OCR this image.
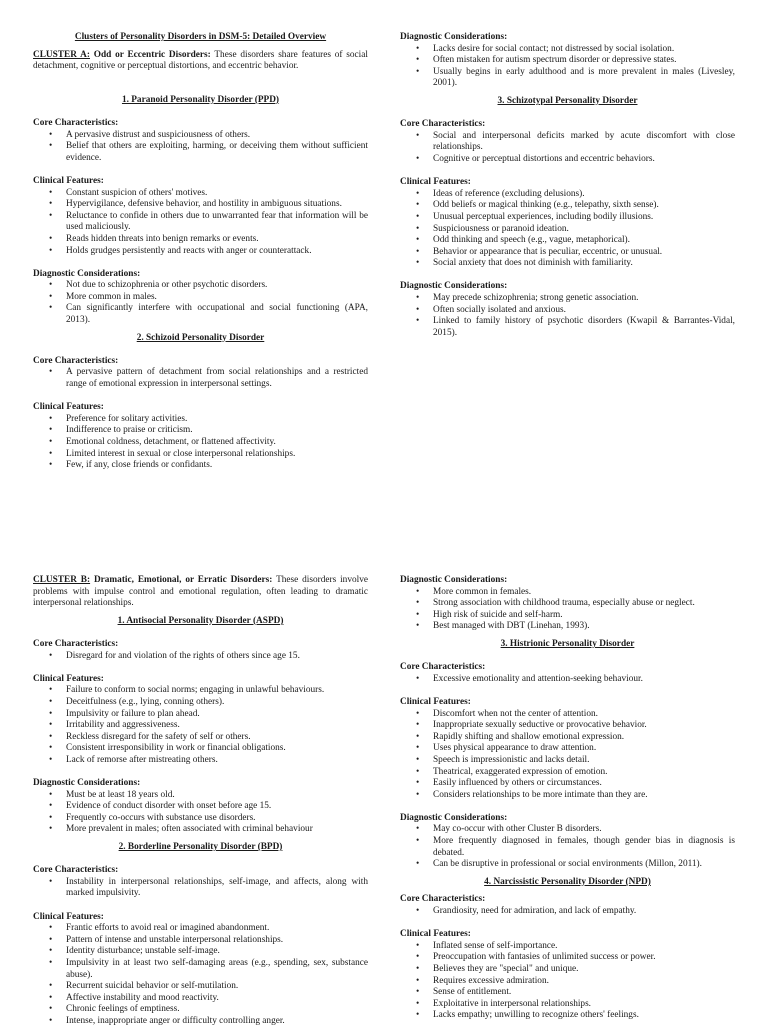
Clusters of Personality Disorders in DSM-5: Detailed Overview
CLUSTER A: Odd or Eccentric Disorders: These disorders share features of social detachment, cognitive or perceptual distortions, and eccentric behavior.
1. Paranoid Personality Disorder (PPD)
Core Characteristics:
• A pervasive distrust and suspiciousness of others.
• Belief that others are exploiting, harming, or deceiving them without sufficient evidence.
Clinical Features:
• Constant suspicion of others' motives.
• Hypervigilance, defensive behavior, and hostility in ambiguous situations.
• Reluctance to confide in others due to unwarranted fear that information will be used maliciously.
• Reads hidden threats into benign remarks or events.
• Holds grudges persistently and reacts with anger or counterattack.
Diagnostic Considerations:
• Not due to schizophrenia or other psychotic disorders.
• More common in males.
• Can significantly interfere with occupational and social functioning (APA, 2013).
2. Schizoid Personality Disorder
Core Characteristics:
• A pervasive pattern of detachment from social relationships and a restricted range of emotional expression in interpersonal settings.
Clinical Features:
• Preference for solitary activities.
• Indifference to praise or criticism.
• Emotional coldness, detachment, or flattened affectivity.
• Limited interest in sexual or close interpersonal relationships.
• Few, if any, close friends or confidants.
Diagnostic Considerations:
• Lacks desire for social contact; not distressed by social isolation.
• Often mistaken for autism spectrum disorder or depressive states.
• Usually begins in early adulthood and is more prevalent in males (Livesley, 2001).
3. Schizotypal Personality Disorder
Core Characteristics:
• Social and interpersonal deficits marked by acute discomfort with close relationships.
• Cognitive or perceptual distortions and eccentric behaviors.
Clinical Features:
• Ideas of reference (excluding delusions).
• Odd beliefs or magical thinking (e.g., telepathy, sixth sense).
• Unusual perceptual experiences, including bodily illusions.
• Suspiciousness or paranoid ideation.
• Odd thinking and speech (e.g., vague, metaphorical).
• Behavior or appearance that is peculiar, eccentric, or unusual.
• Social anxiety that does not diminish with familiarity.
Diagnostic Considerations:
• May precede schizophrenia; strong genetic association.
• Often socially isolated and anxious.
• Linked to family history of psychotic disorders (Kwapil & Barrantes-Vidal, 2015).
CLUSTER B: Dramatic, Emotional, or Erratic Disorders: These disorders involve problems with impulse control and emotional regulation, often leading to dramatic interpersonal relationships.
1. Antisocial Personality Disorder (ASPD)
Core Characteristics:
• Disregard for and violation of the rights of others since age 15.
Clinical Features:
• Failure to conform to social norms; engaging in unlawful behaviours.
• Deceitfulness (e.g., lying, conning others).
• Impulsivity or failure to plan ahead.
• Irritability and aggressiveness.
• Reckless disregard for the safety of self or others.
• Consistent irresponsibility in work or financial obligations.
• Lack of remorse after mistreating others.
Diagnostic Considerations:
• Must be at least 18 years old.
• Evidence of conduct disorder with onset before age 15.
• Frequently co-occurs with substance use disorders.
• More prevalent in males; often associated with criminal behaviour
2. Borderline Personality Disorder (BPD)
Core Characteristics:
• Instability in interpersonal relationships, self-image, and affects, along with marked impulsivity.
Clinical Features:
• Frantic efforts to avoid real or imagined abandonment.
• Pattern of intense and unstable interpersonal relationships.
• Identity disturbance; unstable self-image.
• Impulsivity in at least two self-damaging areas (e.g., spending, sex, substance abuse).
• Recurrent suicidal behavior or self-mutilation.
• Affective instability and mood reactivity.
• Chronic feelings of emptiness.
• Intense, inappropriate anger or difficulty controlling anger.
Diagnostic Considerations:
• More common in females.
• Strong association with childhood trauma, especially abuse or neglect.
• High risk of suicide and self-harm.
• Best managed with DBT (Linehan, 1993).
3. Histrionic Personality Disorder
Core Characteristics:
• Excessive emotionality and attention-seeking behaviour.
Clinical Features:
• Discomfort when not the center of attention.
• Inappropriate sexually seductive or provocative behavior.
• Rapidly shifting and shallow emotional expression.
• Uses physical appearance to draw attention.
• Speech is impressionistic and lacks detail.
• Theatrical, exaggerated expression of emotion.
• Easily influenced by others or circumstances.
• Considers relationships to be more intimate than they are.
Diagnostic Considerations:
• May co-occur with other Cluster B disorders.
• More frequently diagnosed in females, though gender bias in diagnosis is debated.
• Can be disruptive in professional or social environments (Millon, 2011).
4. Narcissistic Personality Disorder (NPD)
Core Characteristics:
• Grandiosity, need for admiration, and lack of empathy.
Clinical Features:
• Inflated sense of self-importance.
• Preoccupation with fantasies of unlimited success or power.
• Believes they are "special" and unique.
• Requires excessive admiration.
• Sense of entitlement.
• Exploitative in interpersonal relationships.
• Lacks empathy; unwilling to recognize others' feelings.
